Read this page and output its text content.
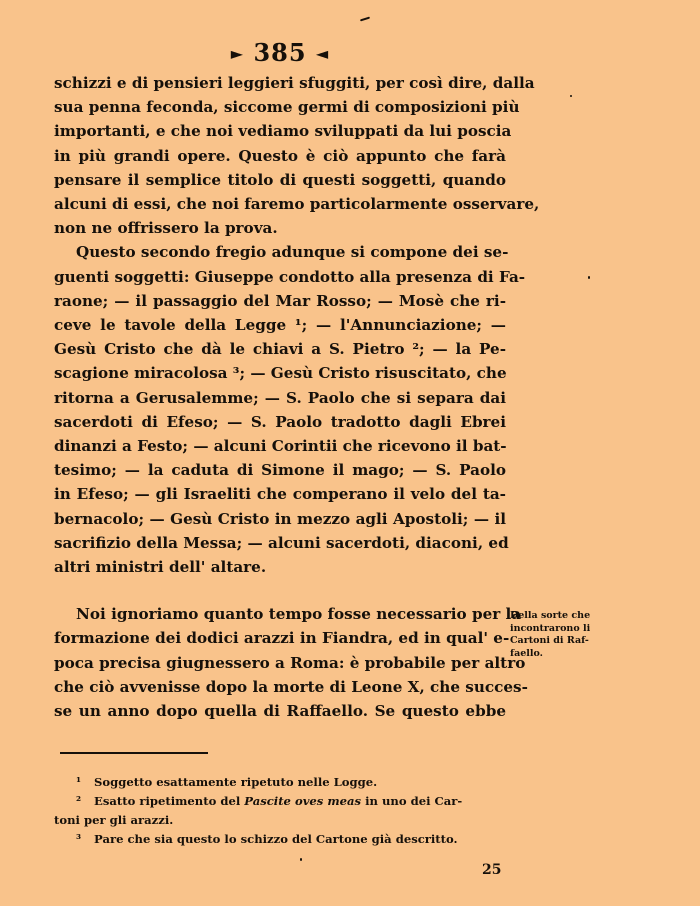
► 385 ◄
schizzi e di pensieri leggieri sfuggiti, per così dire, dalla
sua penna feconda, siccome germi di composizioni più
importanti, e che noi vediamo sviluppati da lui poscia
in più grandi opere. Questo è ciò appunto che farà
pensare il semplice titolo di questi soggetti, quando
alcuni di essi, che noi faremo particolarmente osservare,
non ne offrissero la prova.
Questo secondo fregio adunque si compone dei se-
guenti soggetti: Giuseppe condotto alla presenza di Fa-
raone; — il passaggio del Mar Rosso; — Mosè che ri-
ceve le tavole della Legge ¹; — l'Annunciazione; —
Gesù Cristo che dà le chiavi a S. Pietro ²; — la Pe-
scagione miracolosa ³; — Gesù Cristo risuscitato, che
ritorna a Gerusalemme; — S. Paolo che si separa dai
sacerdoti di Efeso; — S. Paolo tradotto dagli Ebrei
dinanzi a Festo; — alcuni Corintii che ricevono il bat-
tesimo; — la caduta di Simone il mago; — S. Paolo
in Efeso; — gli Israeliti che comperano il velo del ta-
bernacolo; — Gesù Cristo in mezzo agli Apostoli; — il
sacrifizio della Messa; — alcuni sacerdoti, diaconi, ed
altri ministri dell' altare.
Noi ignoriamo quanto tempo fosse necessario per la
formazione dei dodici arazzi in Fiandra, ed in qual' e-
poca precisa giugnessero a Roma: è probabile per altro
che ciò avvenisse dopo la morte di Leone X, che succes-
se un anno dopo quella di Raffaello. Se questo ebbe
Della sorte che
incontrarono li
Cartoni di Raf-
faello.
¹ Soggetto esattamente ripetuto nelle Logge.
² Esatto ripetimento del Pascite oves meas in uno dei Car-
toni per gli arazzi.
³ Pare che sia questo lo schizzo del Cartone già descritto.
25
